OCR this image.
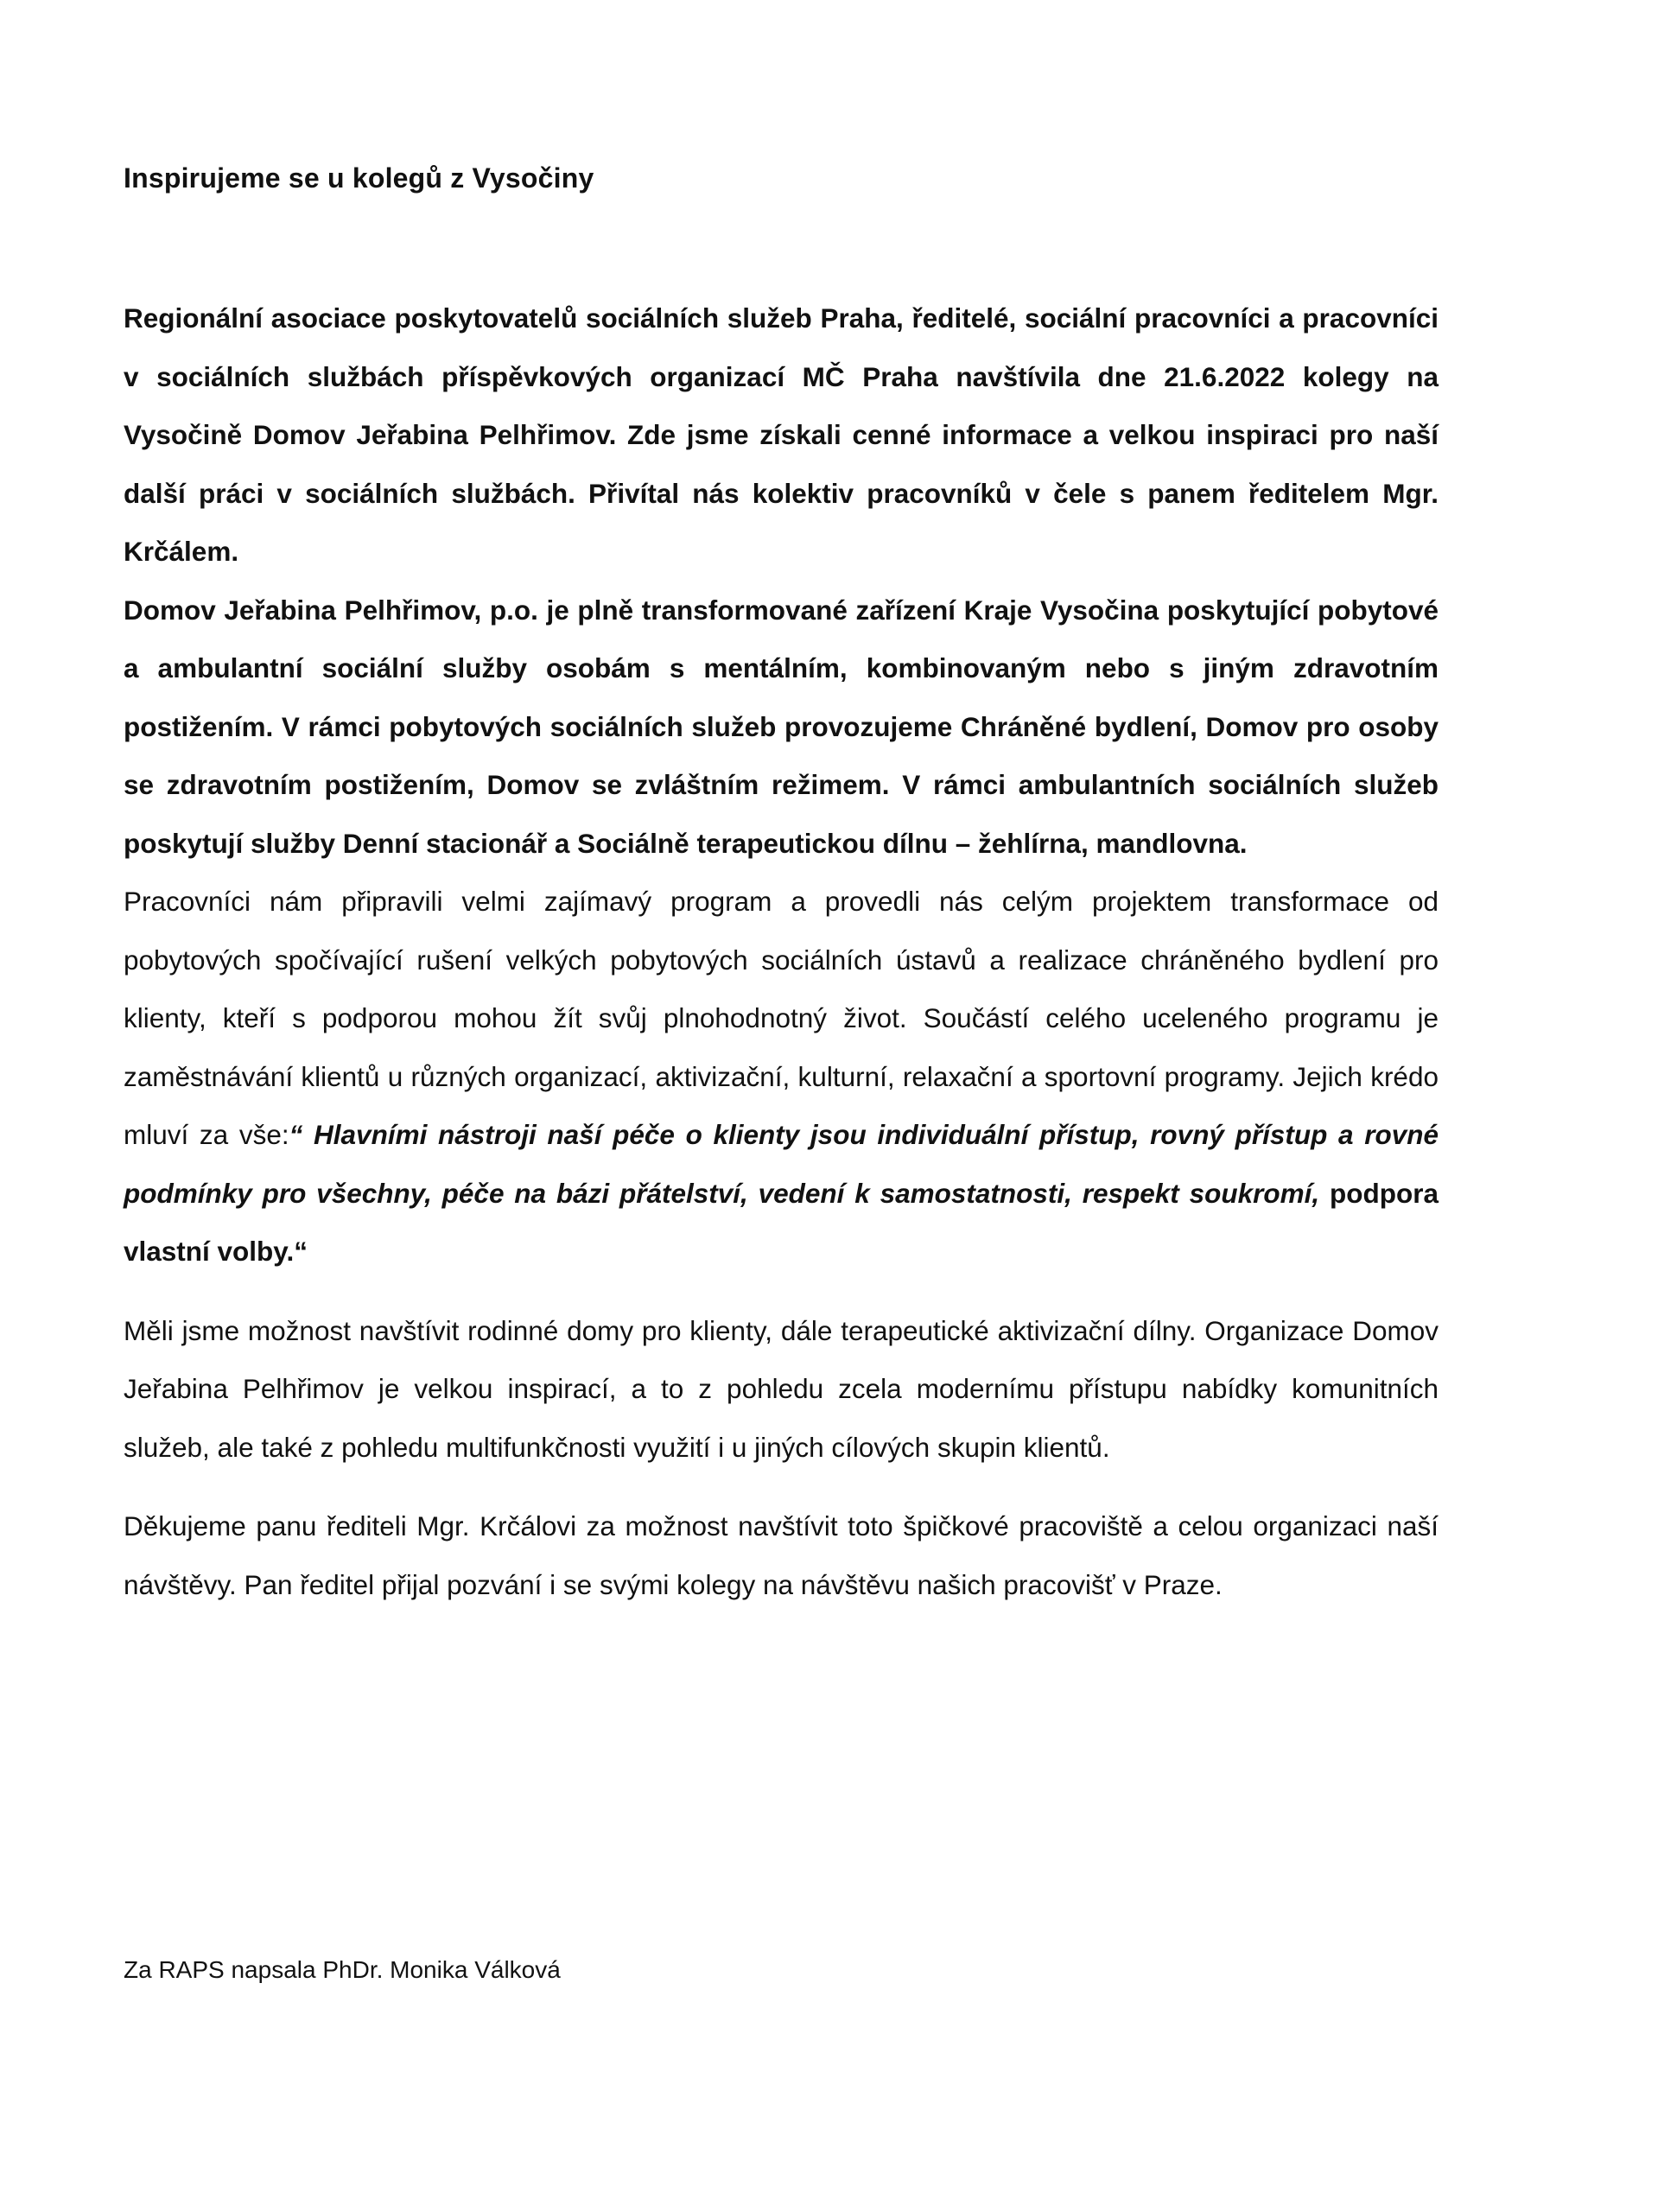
Inspirujeme se u kolegů z Vysočiny

Regionální asociace poskytovatelů sociálních služeb Praha, ředitelé, sociální pracovníci a pracovníci v sociálních službách příspěvkových organizací MČ Praha navštívila dne 21.6.2022 kolegy na Vysočině Domov Jeřabina Pelhřimov. Zde jsme získali cenné informace a velkou inspiraci pro naší další práci v sociálních službách. Přivítal nás kolektiv pracovníků v čele s panem ředitelem Mgr. Krčálem.

Domov Jeřabina Pelhřimov, p.o. je plně transformované zařízení Kraje Vysočina poskytující pobytové a ambulantní sociální služby osobám s mentálním, kombinovaným nebo s jiným zdravotním postižením. V rámci pobytových sociálních služeb provozujeme Chráněné bydlení, Domov pro osoby se zdravotním postižením, Domov se zvláštním režimem. V rámci ambulantních sociálních služeb poskytují služby Denní stacionář a Sociálně terapeutickou dílnu – žehlírna, mandlovna.

Pracovníci nám připravili velmi zajímavý program a provedli nás celým projektem transformace od pobytových spočívající rušení velkých pobytových sociálních ústavů a realizace chráněného bydlení pro klienty, kteří s podporou mohou žít svůj plnohodnotný život. Součástí celého uceleného programu je zaměstnávání klientů u různých organizací, aktivizační, kulturní, relaxační a sportovní programy. Jejich krédo mluví za vše:“ Hlavními nástroji naší péče o klienty jsou individuální přístup, rovný přístup a rovné podmínky pro všechny, péče na bázi přátelství, vedení k samostatnosti, respekt soukromí, podpora vlastní volby.“

Měli jsme možnost navštívit rodinné domy pro klienty, dále terapeutické aktivizační dílny. Organizace Domov Jeřabina Pelhřimov je velkou inspirací, a to z pohledu zcela modernímu přístupu nabídky komunitních služeb, ale také z pohledu multifunkčnosti využití i u jiných cílových skupin klientů.

Děkujeme panu řediteli Mgr. Krčálovi za možnost navštívit toto špičkové pracoviště a celou organizaci naší návštěvy. Pan ředitel přijal pozvání i se svými kolegy na návštěvu našich pracovišť v Praze.

Za RAPS napsala PhDr. Monika Válková
